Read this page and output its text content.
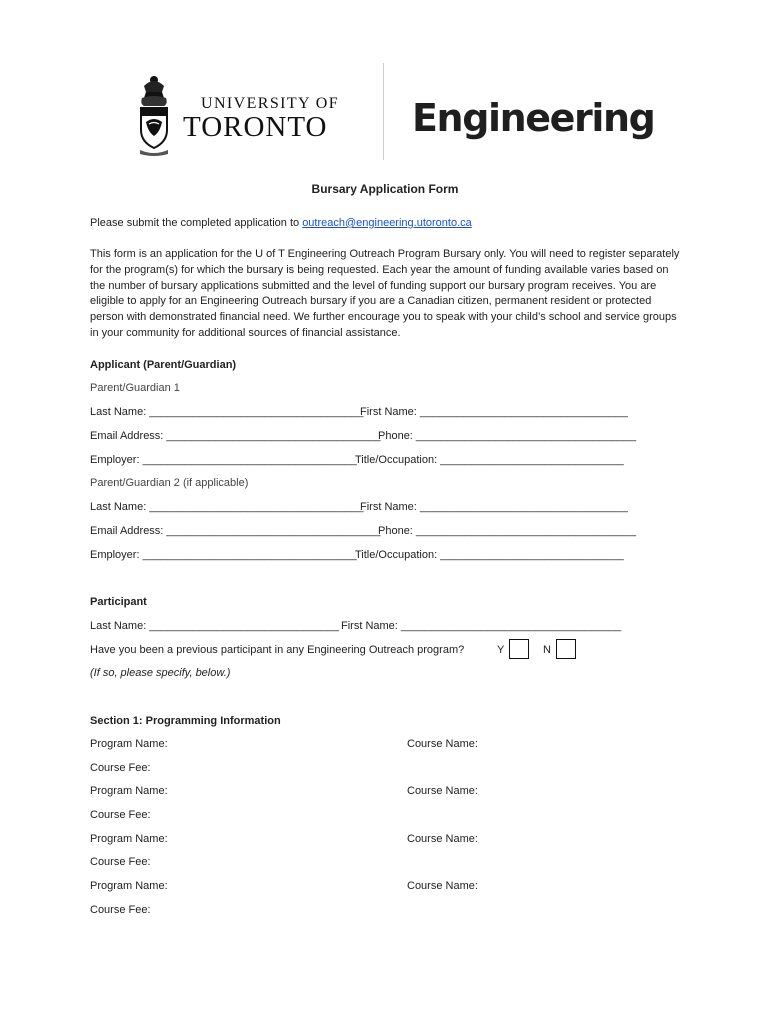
UNIVERSITY OF
TORONTO Engineering
Bursary Application Form
Please submit the completed application to outreach@engineering.utoronto.ca
This form is an application for the U of T Engineering Outreach Program Bursary only. You will need to register separately for the program(s) for which the bursary is being requested. Each year the amount of funding available varies based on the number of bursary applications submitted and the level of funding support our bursary program receives. You are eligible to apply for an Engineering Outreach bursary if you are a Canadian citizen, permanent resident or protected person with demonstrated financial need. We further encourage you to speak with your child’s school and service groups in your community for additional sources of financial assistance.
Applicant (Parent/Guardian)
Parent/Guardian 1
Last Name: ___________________________________
First Name: __________________________________
Email Address: ___________________________________
Phone: ____________________________________
Employer: ___________________________________
Title/Occupation: ______________________________
Parent/Guardian 2 (if applicable)
Last Name: ___________________________________
First Name: __________________________________
Email Address: ___________________________________
Phone: ____________________________________
Employer: ___________________________________
Title/Occupation: ______________________________
Participant
Last Name: _______________________________ First Name: ____________________________________
Have you been a previous participant in any Engineering Outreach program?	Y	N
(If so, please specify, below.)
Section 1: Programming Information
Program Name:	Course Name:
Course Fee:
Program Name:	Course Name:
Course Fee:
Program Name:	Course Name:
Course Fee:
Program Name:	Course Name:
Course Fee:
